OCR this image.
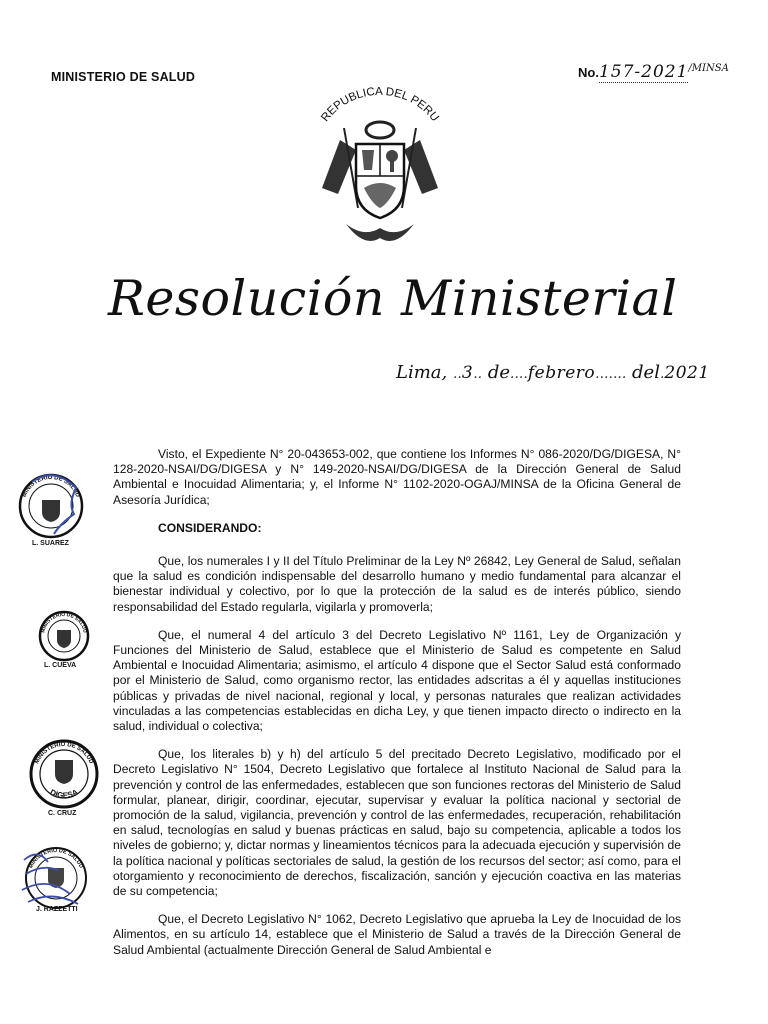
MINISTERIO DE SALUD	$No.157-2021^{/MINSA}$
REPUBLICA DEL PERU
Resolución Ministerial
Lima, ..3.. de....febrero....... del.2021

Visto, el Expediente N° 20-043653-002, que contiene los Informes N° 086-2020/DG/DIGESA, N° 128-2020-NSAI/DG/DIGESA y N° 149-2020-NSAI/DG/DIGESA de la Dirección General de Salud Ambiental e Inocuidad Alimentaria; y, el Informe N° 1102-2020-OGAJ/MINSA de la Oficina General de Asesoría Jurídica;

CONSIDERANDO:

Que, los numerales I y II del Título Preliminar de la Ley Nº 26842, Ley General de Salud, señalan que la salud es condición indispensable del desarrollo humano y medio fundamental para alcanzar el bienestar individual y colectivo, por lo que la protección de la salud es de interés público, siendo responsabilidad del Estado regularla, vigilarla y promoverla;

Que, el numeral 4 del artículo 3 del Decreto Legislativo Nº 1161, Ley de Organización y Funciones del Ministerio de Salud, establece que el Ministerio de Salud es competente en Salud Ambiental e Inocuidad Alimentaria; asimismo, el artículo 4 dispone que el Sector Salud está conformado por el Ministerio de Salud, como organismo rector, las entidades adscritas a él y aquellas instituciones públicas y privadas de nivel nacional, regional y local, y personas naturales que realizan actividades vinculadas a las competencias establecidas en dicha Ley, y que tienen impacto directo o indirecto en la salud, individual o colectiva;

Que, los literales b) y h) del artículo 5 del precitado Decreto Legislativo, modificado por el Decreto Legislativo N° 1504, Decreto Legislativo que fortalece al Instituto Nacional de Salud para la prevención y control de las enfermedades, establecen que son funciones rectoras del Ministerio de Salud formular, planear, dirigir, coordinar, ejecutar, supervisar y evaluar la política nacional y sectorial de promoción de la salud, vigilancia, prevención y control de las enfermedades, recuperación, rehabilitación en salud, tecnologías en salud y buenas prácticas en salud, bajo su competencia, aplicable a todos los niveles de gobierno; y, dictar normas y lineamientos técnicos para la adecuada ejecución y supervisión de la política nacional y políticas sectoriales de salud, la gestión de los recursos del sector; así como, para el otorgamiento y reconocimiento de derechos, fiscalización, sanción y ejecución coactiva en las materias de su competencia;

Que, el Decreto Legislativo N° 1062, Decreto Legislativo que aprueba la Ley de Inocuidad de los Alimentos, en su artículo 14, establece que el Ministerio de Salud a través de la Dirección General de Salud Ambiental (actualmente Dirección General de Salud Ambiental e

MINISTERIO DE SALUD
L. SUAREZ
MINISTERIO DE SALUD
L. CUEVA
MINISTERIO DE SALUD
DIGESA
C. CRUZ
MINISTERIO DE SALUD
J. RAZZETTI
